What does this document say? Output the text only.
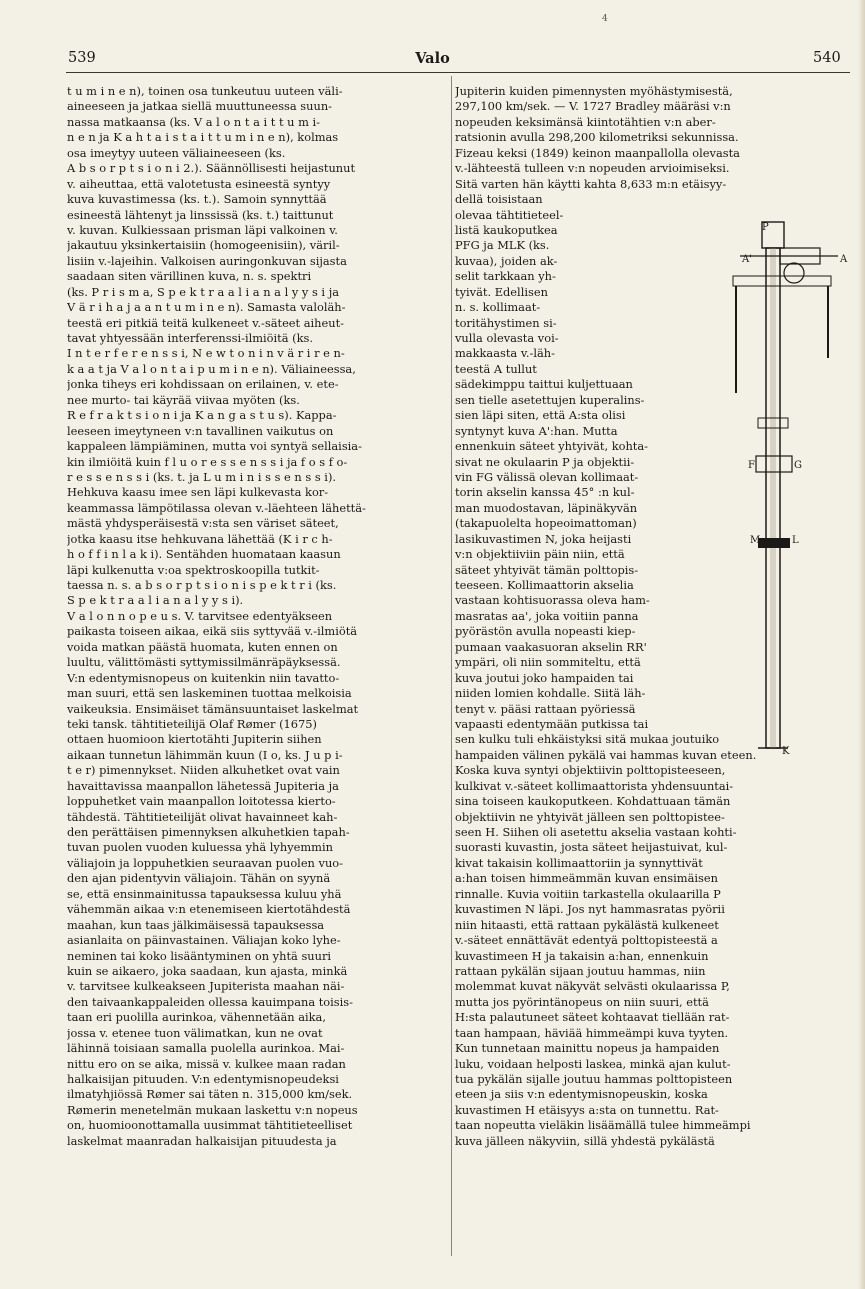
4
539	Valo	540
t u m i n e n), toinen osa tunkeutuu uuteen väli-
aineeseen ja jatkaa siellä muuttuneessa suun-
nassa matkaansa (ks. V a l o n t a i t t u m i-
n e n ja K a h t a i s t a i t t u m i n e n), kolmas
osa imeytyy uuteen väliaineeseen (ks.
A b s o r p t s i o n i 2.). Säännöllisesti heijastunut
v. aiheuttaa, että valotetusta esineestä syntyy
kuva kuvastimessa (ks. t.). Samoin synnyttää
esineestä lähtenyt ja linssissä (ks. t.) taittunut
v. kuvan. Kulkiessaan prisman läpi valkoinen v.
jakautuu yksinkertaisiin (homogeenisiin), väril-
lisiin v.-lajeihin. Valkoisen auringonkuvan sijasta
saadaan siten värillinen kuva, n. s. spektri
(ks. P r i s m a, S p e k t r a a l i a n a l y y s i ja
V ä r i h a j a a n t u m i n e n). Samasta valoläh-
teestä eri pitkiä teitä kulkeneet v.-säteet aiheut-
tavat yhtyessään interferenssi-ilmiöitä (ks.
I n t e r f e r e n s s i, N e w t o n i n v ä r i r e n-
k a a t ja V a l o n t a i p u m i n e n). Väliaineessa,
jonka tiheys eri kohdissaan on erilainen, v. ete-
nee murto- tai käyrää viivaa myöten (ks.
R e f r a k t s i o n i ja K a n g a s t u s). Kappa-
leeseen imeytyneen v:n tavallinen vaikutus on
kappaleen lämpiäminen, mutta voi syntyä sellaisia-
kin ilmiöitä kuin f l u o r e s s e n s s i ja f o s f o-
r e s s e n s s i (ks. t. ja L u m i n i s s e n s s i).
Hehkuva kaasu imee sen läpi kulkevasta kor-
keammassa lämpötilassa olevan v.-läehteen lähettä-
mästä yhdysperäisestä v:sta sen väriset säteet,
jotka kaasu itse hehkuvana lähettää (K i r c h-
h o f f i n l a k i). Sentähden huomataan kaasun
läpi kulkenutta v:oa spektroskoopilla tutkit-
taessa n. s. a b s o r p t s i o n i s p e k t r i (ks.
S p e k t r a a l i a n a l y y s i).
V a l o n n o p e u s. V. tarvitsee edentyäkseen
paikasta toiseen aikaa, eikä siis syttyvää v.-ilmiötä
voida matkan päästä huomata, kuten ennen on
luultu, välittömästi syttymissilmänräpäyksessä.
V:n edentymisnopeus on kuitenkin niin tavatto-
man suuri, että sen laskeminen tuottaa melkoisia
vaikeuksia. Ensimäiset tämänsuuntaiset laskelmat
teki tansk. tähtitieteilijä Olaf Rømer (1675)
ottaen huomioon kiertotähti Jupiterin siihen
aikaan tunnetun lähimmän kuun (I o, ks. J u p i-
t e r) pimennykset. Niiden alkuhetket ovat vain
havaittavissa maanpallon lähetessä Jupiteria ja
loppuhetket vain maanpallon loitotessa kierto-
tähdestä. Tähtitieteilijät olivat havainneet kah-
den perättäisen pimennyksen alkuhetkien tapah-
tuvan puolen vuoden kuluessa yhä lyhyemmin
väliajoin ja loppuhetkien seuraavan puolen vuo-
den ajan pidentyvin väliajoin. Tähän on syynä
se, että ensinmainitussa tapauksessa kuluu yhä
vähemmän aikaa v:n etenemiseen kiertotähdestä
maahan, kun taas jälkimäisessä tapauksessa
asianlaita on päinvastainen. Väliajan koko lyhe-
neminen tai koko lisääntyminen on yhtä suuri
kuin se aikaero, joka saadaan, kun ajasta, minkä
v. tarvitsee kulkeakseen Jupiterista maahan näi-
den taivaankappaleiden ollessa kauimpana toisis-
taan eri puolilla aurinkoa, vähennetään aika,
jossa v. etenee tuon välimatkan, kun ne ovat
lähinnä toisiaan samalla puolella aurinkoa. Mai-
nittu ero on se aika, missä v. kulkee maan radan
halkaisijan pituuden. V:n edentymisnopeudeksi
ilmatyhjiössä Rømer sai täten n. 315,000 km/sek.
Rømerin menetelmän mukaan laskettu v:n nopeus
on, huomioonottamalla uusimmat tähtitieteelliset
laskelmat maanradan halkaisijan pituudesta ja
Jupiterin kuiden pimennysten myöhästymisestä,
297,100 km/sek. — V. 1727 Bradley määräsi v:n
nopeuden keksimänsä kiintotähtien v:n aber-
ratsionin avulla 298,200 kilometriksi sekunnissa.
Fizeau keksi (1849) keinon maanpallolla olevasta
v.-lähteestä tulleen v:n nopeuden arvioimiseksi.
Sitä varten hän käytti kahta 8,633 m:n etäisyy-
dellä toisistaan
olevaa tähtitieteel-
listä kaukoputkea
PFG ja MLK (ks.
kuvaa), joiden ak-
selit tarkkaan yh-
tyivät. Edellisen
n. s. kollimaat-
toritähystimen si-
vulla olevasta voi-
makkaasta v.-läh-
teestä A tullut
sädekimppu taittui kuljettuaan
sen tielle asetettujen kuperalins-
sien läpi siten, että A:sta olisi
syntynyt kuva A':han. Mutta
ennenkuin säteet yhtyivät, kohta-
sivat ne okulaarin P ja objektii-
vin FG välissä olevan kollimaat-
torin akselin kanssa 45° :n kul-
man muodostavan, läpinäkyvän
(takapuolelta hopeoimattoman)
lasikuvastimen N, joka heijasti
v:n objektiiviin päin niin, että
säteet yhtyivät tämän polttopis-
teeseen. Kollimaattorin akselia
vastaan kohtisuorassa oleva ham-
masratas aa', joka voitiin panna
pyörästön avulla nopeasti kiep-
pumaan vaakasuoran akselin RR'
ympäri, oli niin sommiteltu, että
kuva joutui joko hampaiden tai
niiden lomien kohdalle. Siitä läh-
tenyt v. pääsi rattaan pyöriessä
vapaasti edentymään putkissa tai
sen kulku tuli ehkäistyksi sitä mukaa joutuiko
hampaiden välinen pykälä vai hammas kuvan eteen.
Koska kuva syntyi objektiivin polttopisteeseen,
kulkivat v.-säteet kollimaattorista yhdensuuntai-
sina toiseen kaukoputkeen. Kohdattuaan tämän
objektiivin ne yhtyivät jälleen sen polttopistee-
seen H. Siihen oli asetettu akselia vastaan kohti-
suorasti kuvastin, josta säteet heijastuivat, kul-
kivat takaisin kollimaattoriin ja synnyttivät
a:han toisen himmeämmän kuvan ensimäisen
rinnalle. Kuvia voitiin tarkastella okulaarilla P
kuvastimen N läpi. Jos nyt hammasratas pyörii
niin hitaasti, että rattaan pykälästä kulkeneet
v.-säteet ennättävät edentyä polttopisteestä a
kuvastimeen H ja takaisin a:han, ennenkuin
rattaan pykälän sijaan joutuu hammas, niin
molemmat kuvat näkyvät selvästi okulaarissa P,
mutta jos pyörintänopeus on niin suuri, että
H:sta palautuneet säteet kohtaavat tiellään rat-
taan hampaan, häviää himmeämpi kuva tyyten.
Kun tunnetaan mainittu nopeus ja hampaiden
luku, voidaan helposti laskea, minkä ajan kulut-
tua pykälän sijalle joutuu hammas polttopisteen
eteen ja siis v:n edentymisnopeuskin, koska
kuvastimen H etäisyys a:sta on tunnettu. Rat-
taan nopeutta vieläkin lisäämällä tulee himmeämpi
kuva jälleen näkyviin, sillä yhdestä pykälästä
P
A'	A
F	G
M	L
K
